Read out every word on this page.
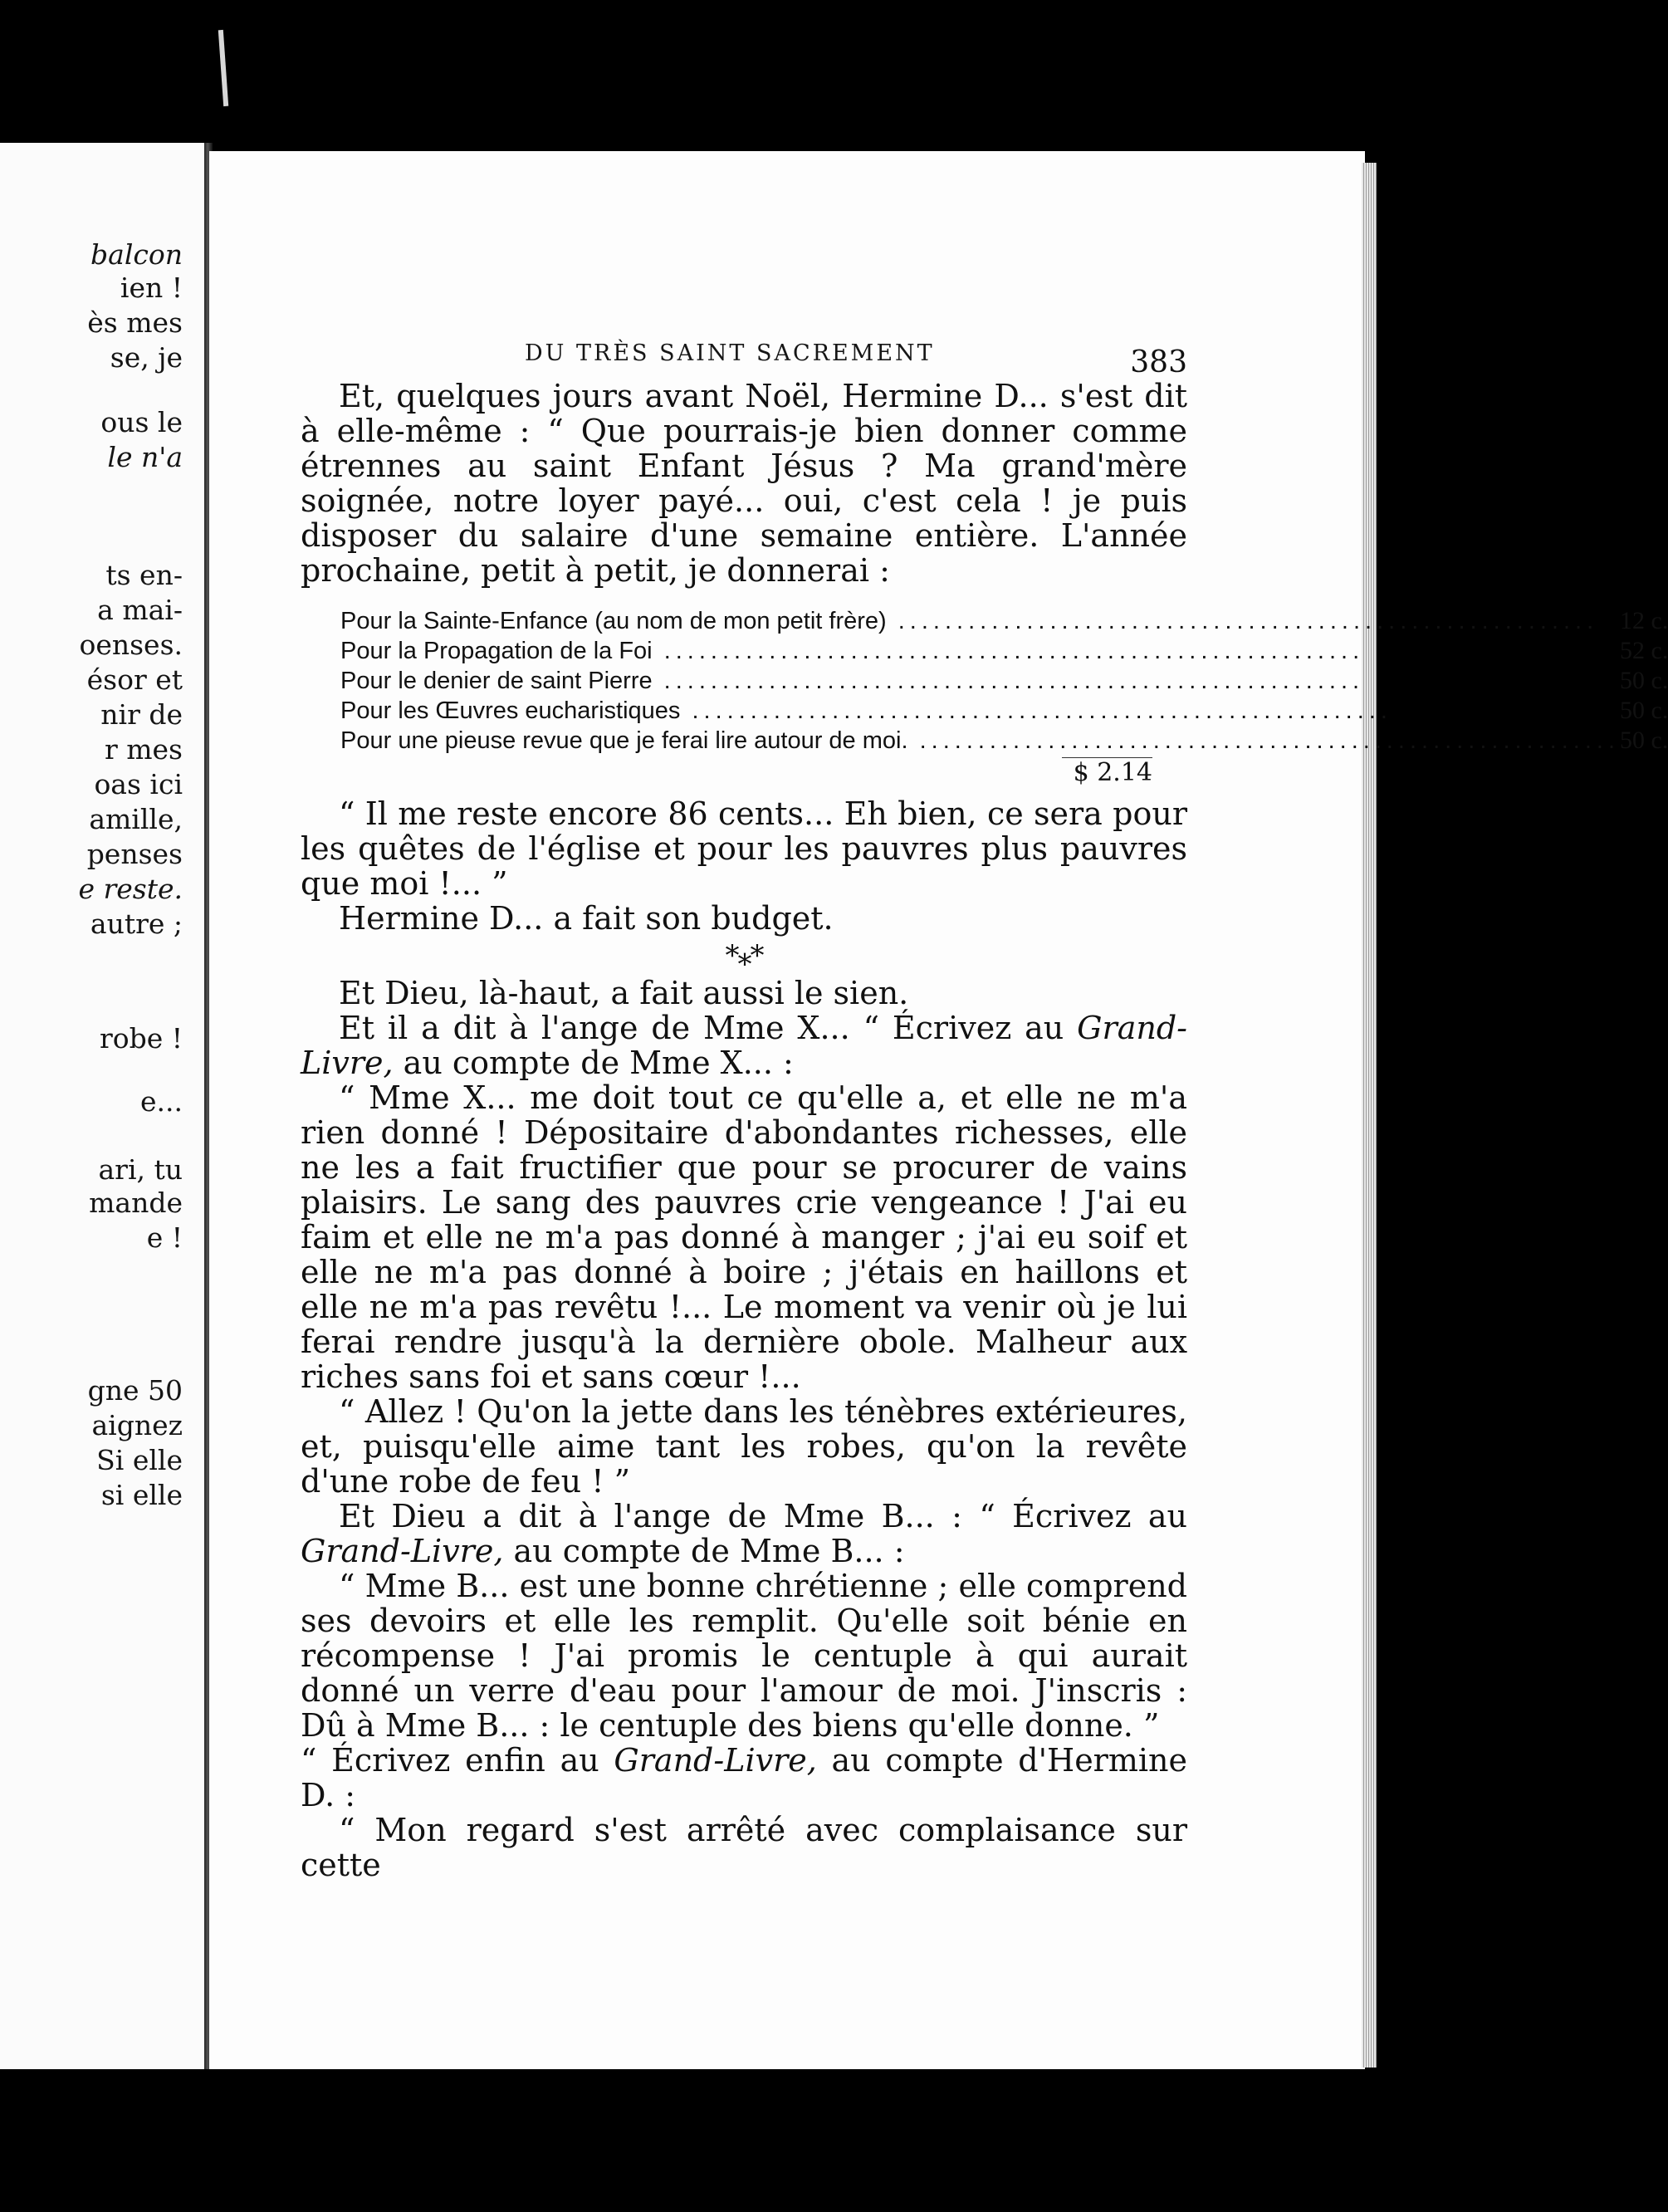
balcon
ien !
ès mes
se, je
ous le
le n'a
ts en-
a mai-
oenses.
ésor et
nir de
r mes
oas ici
amille,
penses
e reste.
autre ;
robe !
e...
ari, tu
mande
e !
gne 50
aignez
Si elle
si elle
DU TRÈS SAINT SACREMENT	383

Et, quelques jours avant Noël, Hermine D... s'est dit à elle-même : “ Que pourrais-je bien donner comme étrennes au saint Enfant Jésus ? Ma grand'mère soignée, notre loyer payé... oui, c'est cela ! je puis disposer du salaire d'une semaine entière. L'année prochaine, petit à petit, je donnerai :

Pour la Sainte-Enfance (au nom de mon petit frère) ............................................................	12 c.
Pour la Propagation de la Foi ............................................................	52 c.
Pour le denier de saint Pierre ............................................................	50 c.
Pour les Œuvres eucharistiques ............................................................	50 c.
Pour une pieuse revue que je ferai lire autour de moi. ............................................................	50 c.
$ 2.14

“ Il me reste encore 86 cents... Eh bien, ce sera pour les quêtes de l'église et pour les pauvres plus pauvres que moi !... ”

Hermine D... a fait son budget.

*⁎*

Et Dieu, là-haut, a fait aussi le sien.

Et il a dit à l'ange de Mme X... “ Écrivez au Grand-Livre, au compte de Mme X... :

“ Mme X... me doit tout ce qu'elle a, et elle ne m'a rien donné ! Dépositaire d'abondantes richesses, elle ne les a fait fructifier que pour se procurer de vains plaisirs. Le sang des pauvres crie vengeance ! J'ai eu faim et elle ne m'a pas donné à manger ; j'ai eu soif et elle ne m'a pas donné à boire ; j'étais en haillons et elle ne m'a pas revêtu !... Le moment va venir où je lui ferai rendre jusqu'à la dernière obole. Malheur aux riches sans foi et sans cœur !...

“ Allez ! Qu'on la jette dans les ténèbres extérieures, et, puisqu'elle aime tant les robes, qu'on la revête d'une robe de feu ! ”

Et Dieu a dit à l'ange de Mme B... : “ Écrivez au Grand-Livre, au compte de Mme B... :

“ Mme B... est une bonne chrétienne ; elle comprend ses devoirs et elle les remplit. Qu'elle soit bénie en récompense ! J'ai promis le centuple à qui aurait donné un verre d'eau pour l'amour de moi. J'inscris : Dû à Mme B... : le centuple des biens qu'elle donne. ”

“ Écrivez enfin au Grand-Livre, au compte d'Hermine D. :

“ Mon regard s'est arrêté avec complaisance sur cette
